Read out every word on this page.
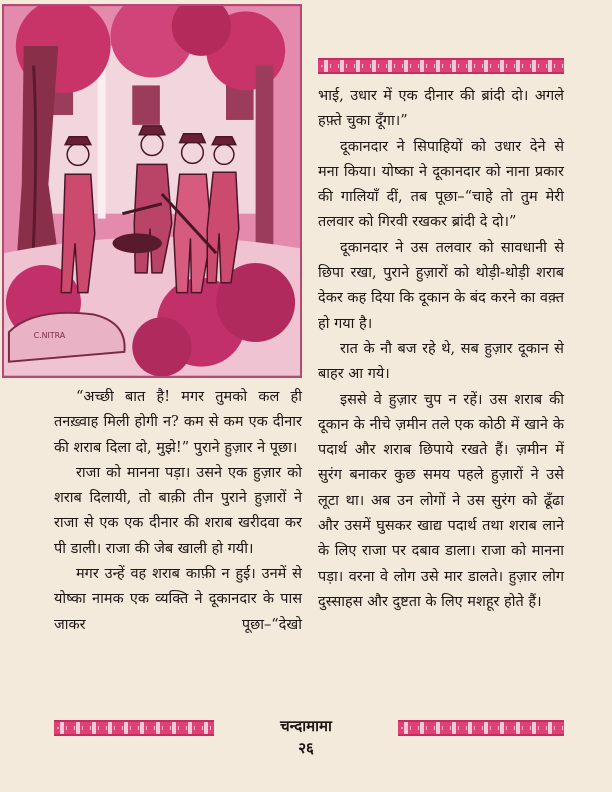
C.NITRA

भाई, उधार में एक दीनार की ब्रांदी दो। अगले हफ़्ते चुका दूँगा।”

दूकानदार ने सिपाहियों को उधार देने से मना किया। योष्का ने दूकानदार को नाना प्रकार की गालियाँ दीं, तब पूछा–“चाहे तो तुम मेरी तलवार को गिरवी रखकर ब्रांदी दे दो।”

दूकानदार ने उस तलवार को सावधानी से छिपा रखा, पुराने हुज़ारों को थोड़ी-थोड़ी शराब देकर कह दिया कि दूकान के बंद करने का वक़्त हो गया है।

रात के नौ बज रहे थे, सब हुज़ार दूकान से बाहर आ गये।

इससे वे हुज़ार चुप न रहें। उस शराब की दूकान के नीचे ज़मीन तले एक कोठी में खाने के पदार्थ और शराब छिपाये रखते हैं। ज़मीन में सुरंग बनाकर कुछ समय पहले हुज़ारों ने उसे लूटा था। अब उन लोगों ने उस सुरंग को ढूँढा और उसमें घुसकर खाद्य पदार्थ तथा शराब लाने के लिए राजा पर दबाव डाला। राजा को मानना पड़ा। वरना वे लोग उसे मार डालते। हुज़ार लोग दुस्साहस और दुष्टता के लिए मशहूर होते हैं।

“अच्छी बात है! मगर तुमको कल ही तनख़्वाह मिली होगी न? कम से कम एक दीनार की शराब दिला दो, मुझे!” पुराने हुज़ार ने पूछा।

राजा को मानना पड़ा। उसने एक हुज़ार को शराब दिलायी, तो बाक़ी तीन पुराने हुज़ारों ने राजा से एक एक दीनार की शराब खरीदवा कर पी डाली। राजा की जेब खाली हो गयी।

मगर उन्हें वह शराब काफ़ी न हुई। उनमें से योष्का नामक एक व्यक्ति ने दूकानदार के पास जाकर पूछा–“देखो

चन्दामामा
२६
